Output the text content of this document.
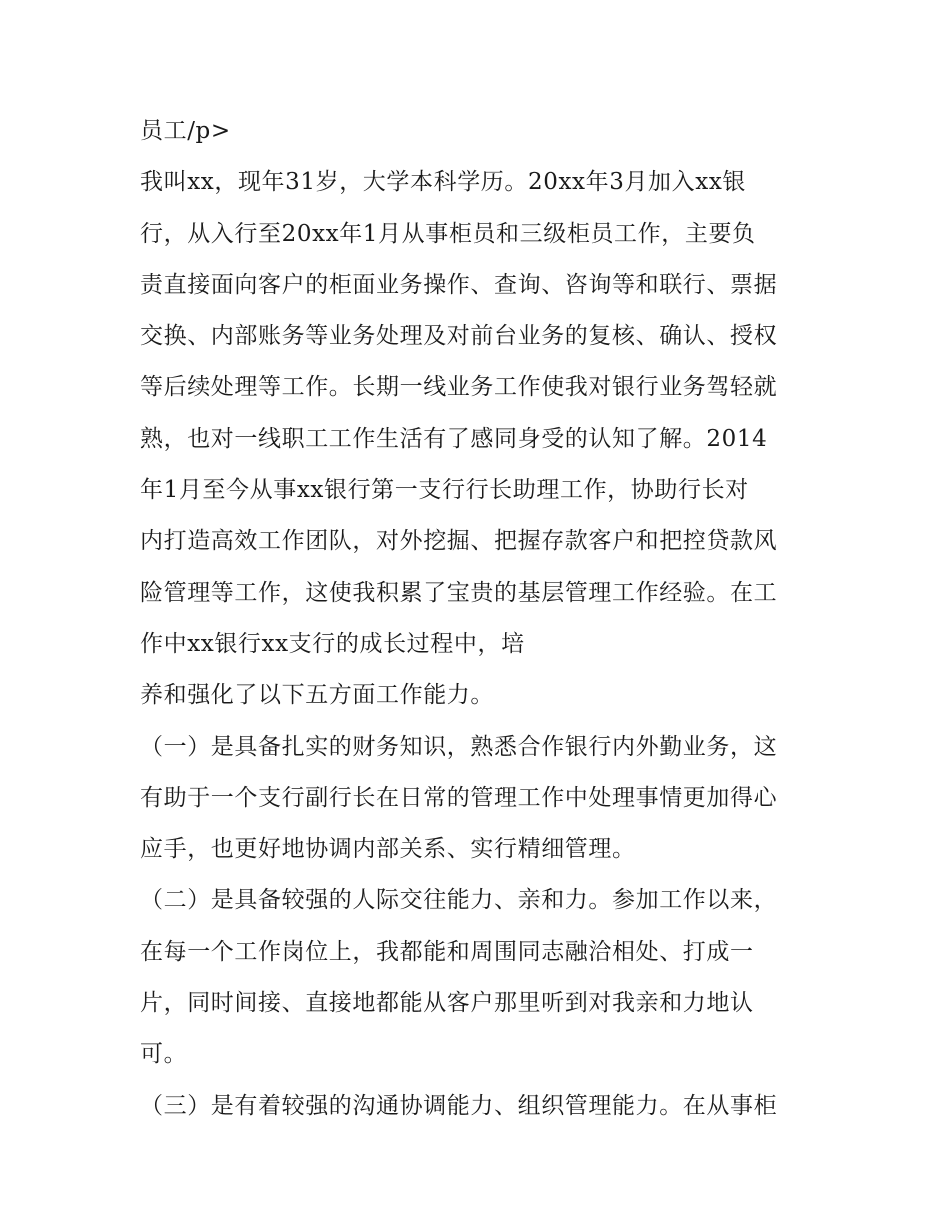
员工/p>
我叫xx，现年31岁，大学本科学历。20xx年3月加入xx银
行，从入行至20xx年1月从事柜员和三级柜员工作，主要负
责直接面向客户的柜面业务操作、查询、咨询等和联行、票据
交换、内部账务等业务处理及对前台业务的复核、确认、授权
等后续处理等工作。长期一线业务工作使我对银行业务驾轻就
熟，也对一线职工工作生活有了感同身受的认知了解。2014
年1月至今从事xx银行第一支行行长助理工作，协助行长对
内打造高效工作团队，对外挖掘、把握存款客户和把控贷款风
险管理等工作，这使我积累了宝贵的基层管理工作经验。在工
作中xx银行xx支行的成长过程中，培
养和强化了以下五方面工作能力。
（一）是具备扎实的财务知识，熟悉合作银行内外勤业务，这
有助于一个支行副行长在日常的管理工作中处理事情更加得心
应手，也更好地协调内部关系、实行精细管理。
（二）是具备较强的人际交往能力、亲和力。参加工作以来，
在每一个工作岗位上，我都能和周围同志融洽相处、打成一
片，同时间接、直接地都能从客户那里听到对我亲和力地认
可。
（三）是有着较强的沟通协调能力、组织管理能力。在从事柜
